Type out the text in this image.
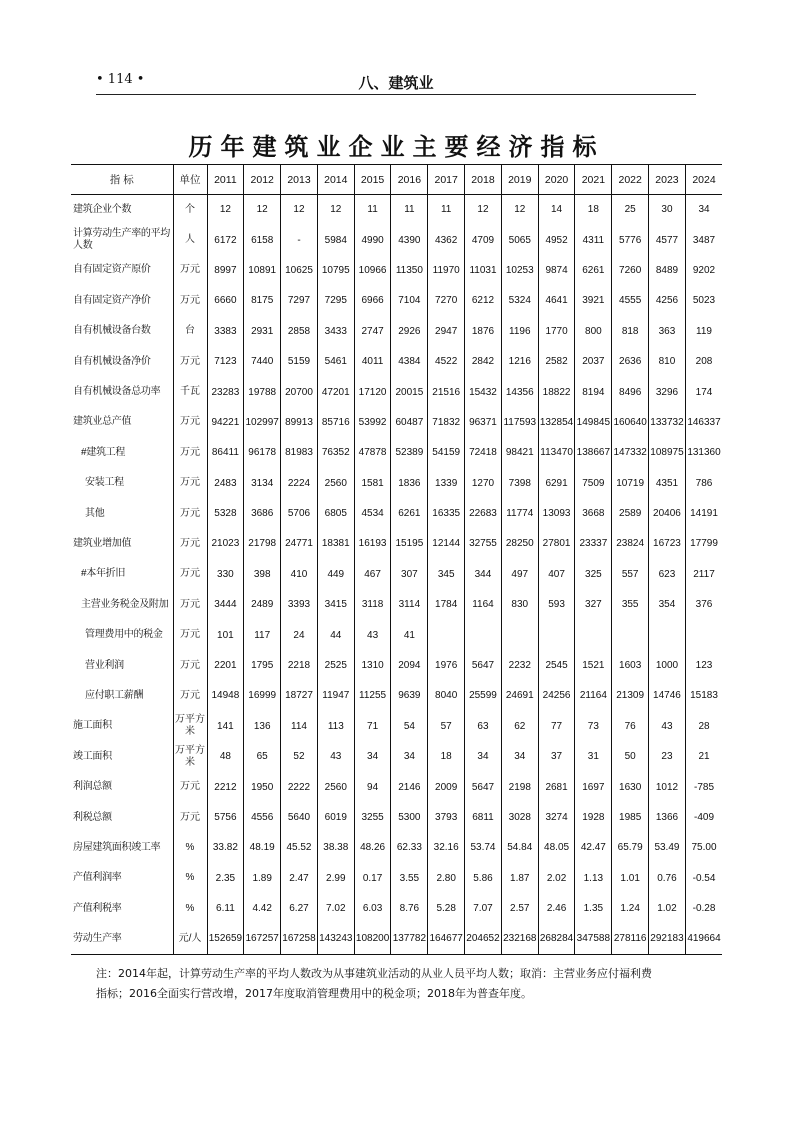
• 114 •	八、建筑业
历年建筑业企业主要经济指标
指 标	单位	2011	2012	2013	2014	2015	2016	2017	2018	2019	2020	2021	2022	2023	2024
建筑企业个数	个	12	12	12	12	11	11	11	12	12	14	18	25	30	34
计算劳动生产率的平均人数	人	6172	6158	-	5984	4990	4390	4362	4709	5065	4952	4311	5776	4577	3487
自有固定资产原价	万元	8997	10891	10625	10795	10966	11350	11970	11031	10253	9874	6261	7260	8489	9202
自有固定资产净价	万元	6660	8175	7297	7295	6966	7104	7270	6212	5324	4641	3921	4555	4256	5023
自有机械设备台数	台	3383	2931	2858	3433	2747	2926	2947	1876	1196	1770	800	818	363	119
自有机械设备净价	万元	7123	7440	5159	5461	4011	4384	4522	2842	1216	2582	2037	2636	810	208
自有机械设备总功率	千瓦	23283	19788	20700	47201	17120	20015	21516	15432	14356	18822	8194	8496	3296	174
建筑业总产值	万元	94221	102997	89913	85716	53992	60487	71832	96371	117593	132854	149845	160640	133732	146337
#建筑工程	万元	86411	96178	81983	76352	47878	52389	54159	72418	98421	113470	138667	147332	108975	131360
安装工程	万元	2483	3134	2224	2560	1581	1836	1339	1270	7398	6291	7509	10719	4351	786
其他	万元	5328	3686	5706	6805	4534	6261	16335	22683	11774	13093	3668	2589	20406	14191
建筑业增加值	万元	21023	21798	24771	18381	16193	15195	12144	32755	28250	27801	23337	23824	16723	17799
#本年折旧	万元	330	398	410	449	467	307	345	344	497	407	325	557	623	2117
主营业务税金及附加	万元	3444	2489	3393	3415	3118	3114	1784	1164	830	593	327	355	354	376
管理费用中的税金	万元	101	117	24	44	43	41								
营业利润	万元	2201	1795	2218	2525	1310	2094	1976	5647	2232	2545	1521	1603	1000	123
应付职工薪酬	万元	14948	16999	18727	11947	11255	9639	8040	25599	24691	24256	21164	21309	14746	15183
施工面积	万平方米	141	136	114	113	71	54	57	63	62	77	73	76	43	28
竣工面积	万平方米	48	65	52	43	34	34	18	34	34	37	31	50	23	21
利润总额	万元	2212	1950	2222	2560	94	2146	2009	5647	2198	2681	1697	1630	1012	-785
利税总额	万元	5756	4556	5640	6019	3255	5300	3793	6811	3028	3274	1928	1985	1366	-409
房屋建筑面积竣工率	%	33.82	48.19	45.52	38.38	48.26	62.33	32.16	53.74	54.84	48.05	42.47	65.79	53.49	75.00
产值利润率	%	2.35	1.89	2.47	2.99	0.17	3.55	2.80	5.86	1.87	2.02	1.13	1.01	0.76	-0.54
产值利税率	%	6.11	4.42	6.27	7.02	6.03	8.76	5.28	7.07	2.57	2.46	1.35	1.24	1.02	-0.28
劳动生产率	元/人	152659	167257	167258	143243	108200	137782	164677	204652	232168	268284	347588	278116	292183	419664
注：2014年起，计算劳动生产率的平均人数改为从事建筑业活动的从业人员平均人数；取消：主营业务应付福利费
指标；2016全面实行营改增，2017年度取消管理费用中的税金项；2018年为普查年度。
